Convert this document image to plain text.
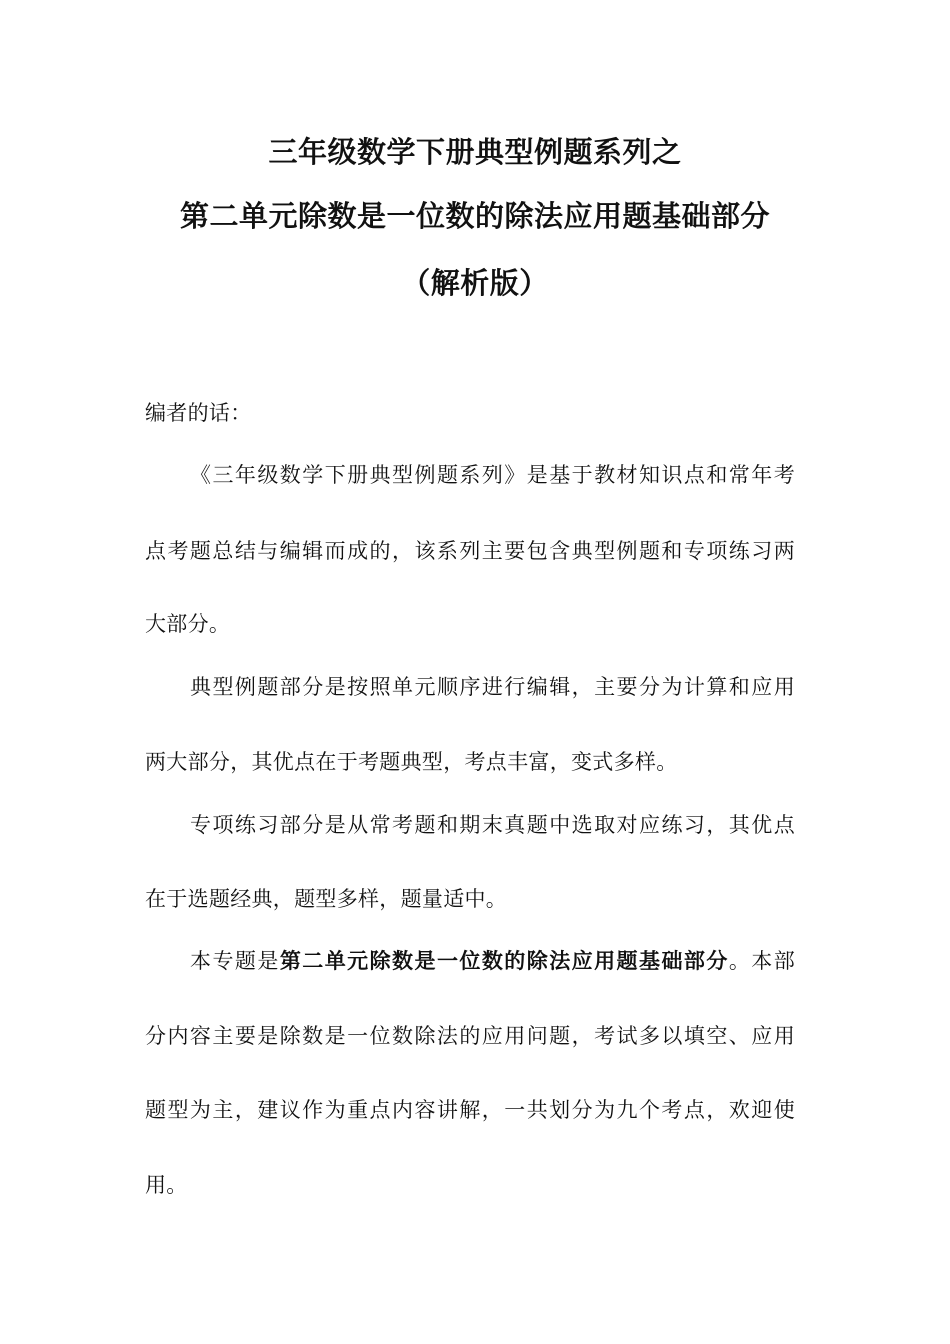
三年级数学下册典型例题系列之
第二单元除数是一位数的除法应用题基础部分
（解析版）
编者的话：
《三年级数学下册典型例题系列》是基于教材知识点和常年考
点考题总结与编辑而成的，该系列主要包含典型例题和专项练习两
大部分。
典型例题部分是按照单元顺序进行编辑，主要分为计算和应用
两大部分，其优点在于考题典型，考点丰富，变式多样。
专项练习部分是从常考题和期末真题中选取对应练习，其优点
在于选题经典，题型多样，题量适中。
本专题是第二单元除数是一位数的除法应用题基础部分。本部
分内容主要是除数是一位数除法的应用问题，考试多以填空、应用
题型为主，建议作为重点内容讲解，一共划分为九个考点，欢迎使
用。
